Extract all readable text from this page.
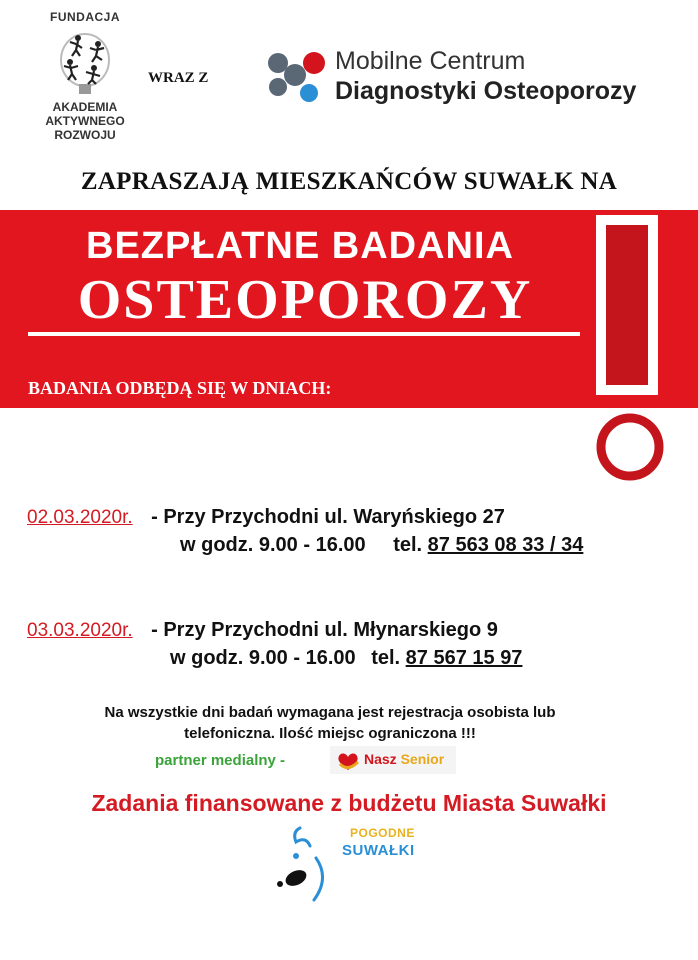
FUNDACJA
AKADEMIA
AKTYWNEGO
ROZWOJU
WRAZ Z
Mobilne Centrum
Diagnostyki Osteoporozy
ZAPRASZAJĄ MIESZKAŃCÓW SUWAŁK NA
BEZPŁATNE BADANIA
OSTEOPOROZY
BADANIA ODBĘDĄ SIĘ W DNIACH:
02.03.2020r. - Przy Przychodni ul. Waryńskiego 27
w godz. 9.00 - 16.00 tel. 87 563 08 33 / 34
03.03.2020r. - Przy Przychodni ul. Młynarskiego 9
w godz. 9.00 - 16.00 tel. 87 567 15 97
Na wszystkie dni badań wymagana jest rejestracja osobista lub
telefoniczna. Ilość miejsc ograniczona !!!
partner medialny -	Nasz Senior
Zadania finansowane z budżetu Miasta Suwałki
POGODNE
SUWAŁKI
